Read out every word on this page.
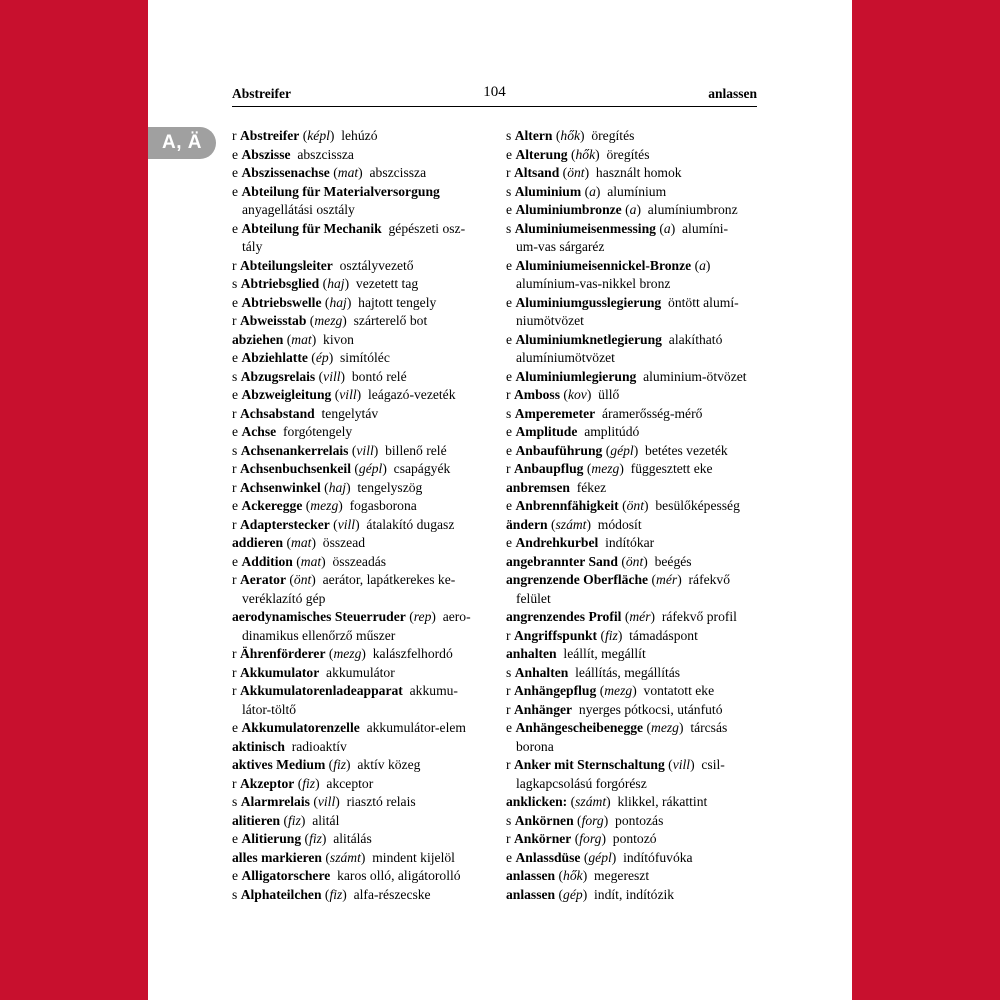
Abstreifer	104	anlassen
A, Ä	r Abstreifer (képl) lehúzó
e Abszisse abszcissza
e Abszissenachse (mat) abszcissza
e Abteilung für Materialversorgung
anyagellátási osztály
e Abteilung für Mechanik gépészeti osz-
tály
r Abteilungsleiter osztályvezető
s Abtriebsglied (haj) vezetett tag
e Abtriebswelle (haj) hajtott tengely
r Abweisstab (mezg) szárterelő bot
abziehen (mat) kivon
e Abziehlatte (ép) simítóléc
s Abzugsrelais (vill) bontó relé
e Abzweigleitung (vill) leágazó-vezeték
r Achsabstand tengelytáv
e Achse forgótengely
s Achsenankerrelais (vill) billenő relé
r Achsenbuchsenkeil (gépl) csapágyék
r Achsenwinkel (haj) tengelyszög
e Ackeregge (mezg) fogasborona
r Adapterstecker (vill) átalakító dugasz
addieren (mat) összead
e Addition (mat) összeadás
r Aerator (önt) aerátor, lapátkerekes ke-
veréklazító gép
aerodynamisches Steuerruder (rep) aero-
dinamikus ellenőrző műszer
r Ährenförderer (mezg) kalászfelhordó
r Akkumulator akkumulátor
r Akkumulatorenladeapparat akkumu-
látor-töltő
e Akkumulatorenzelle akkumulátor-elem
aktinisch radioaktív
aktives Medium (fiz) aktív közeg
r Akzeptor (fiz) akceptor
s Alarmrelais (vill) riasztó relais
alitieren (fiz) alitál
e Alitierung (fiz) alitálás
alles markieren (számt) mindent kijelöl
e Alligatorschere karos olló, aligátorolló
s Alphateilchen (fiz) alfa-részecske
s Altern (hők) öregítés
e Alterung (hők) öregítés
r Altsand (önt) használt homok
s Aluminium (a) alumínium
e Aluminiumbronze (a) alumíniumbronz
s Aluminiumeisenmessing (a) alumíni-
um-vas sárgaréz
e Aluminiumeisennickel-Bronze (a)
alumínium-vas-nikkel bronz
e Aluminiumgusslegierung öntött alumí-
niumötvözet
e Aluminiumknetlegierung alakítható
alumíniumötvözet
e Aluminiumlegierung aluminium-ötvözet
r Amboss (kov) üllő
s Amperemeter áramerősség-mérő
e Amplitude amplitúdó
e Anbauführung (gépl) betétes vezeték
r Anbaupflug (mezg) függesztett eke
anbremsen fékez
e Anbrennfähigkeit (önt) besülőképesség
ändern (számt) módosít
e Andrehkurbel indítókar
angebrannter Sand (önt) beégés
angrenzende Oberfläche (mér) ráfekvő
felület
angrenzendes Profil (mér) ráfekvő profil
r Angriffspunkt (fiz) támadáspont
anhalten leállít, megállít
s Anhalten leállítás, megállítás
r Anhängepflug (mezg) vontatott eke
r Anhänger nyerges pótkocsi, utánfutó
e Anhängescheibenegge (mezg) tárcsás
borona
r Anker mit Sternschaltung (vill) csil-
lagkapcsolású forgórész
anklicken: (számt) klikkel, rákattint
s Ankörnen (forg) pontozás
r Ankörner (forg) pontozó
e Anlassdüse (gépl) indítófuvóka
anlassen (hők) megereszt
anlassen (gép) indít, indítózik
